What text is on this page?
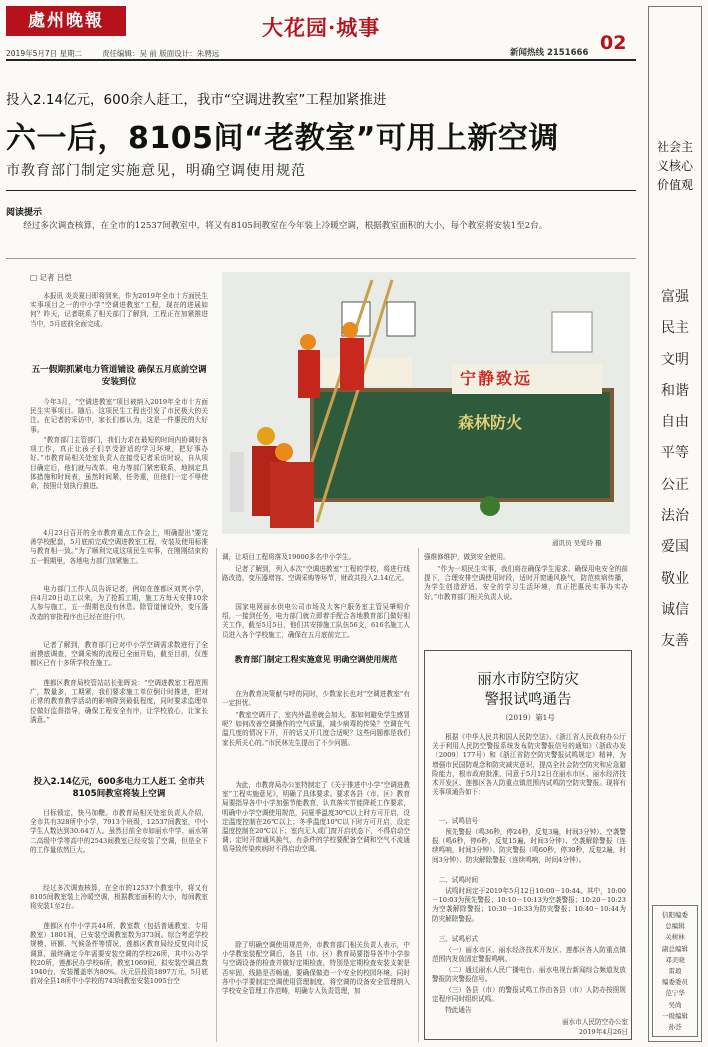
處州晚報	大花园·城事
02
2019年5月7日 星期二	责任编辑：吴 前 版面设计：朱骋远	新闻热线 2151666
投入2.14亿元，600余人赶工，我市“空调进教室”工程加紧推进
六一后，8105间“老教室”可用上新空调
市教育部门制定实施意见，明确空调使用规范
阅读提示
经过多次调查核算，在全市的12537间教室中，将又有8105间教室在今年装上冷暖空调，根据教室面积的大小，每个教室将安装1至2台。
□ 记者 吕恺
本报讯 炎炎夏日即将到来，作为2019年全市十方面民生实事项目之一的中小学“空调进教室”工程，现在的进展如何？昨天，记者联系了相关部门了解到，工程正在加紧推进当中，5月底前全面完成。
五一假期抓紧电力管道铺设 确保五月底前空调安装到位
今年3月，“空调进教室”项目被纳入2019年全市十方面民生实事项目。随后，这项民生工程也引发了市民极大的关注。在记者的采访中，家长们都认为，这是一件惠民的大好事。
“教育部门主管部门，我们力求在最短的时间内协调好各项工作，真正让孩子们享受舒适的学习环境，把好事办好。”市教育局相关处室负责人在接受记者采访时说，自从项目确定后，他们就与改革、电力等部门紧密联系，地制定具体措施和时间表，虽然时间紧，任务重，但他们一定不辱使命，按照计划执行推进。
4月23日召开的全市教育重点工作会上，明确提出“要完善学校配套，5月底前完成空调进教室工程，安装及使用标准与教育相一致。”为了顺利完成这项民生实事，在刚刚结束的五一假期里，各地电力部门加紧施工。
电力部门工作人员告诉记者，例如在莲都区刘英小学，自4月20日动工以来，为了抢抓工期，施工方每天安排10余人参与施工，五一假期也没有休息。除管道铺设外，变压器改造的审批程序也已经在进行中。
记者了解到，教育部门已对中小学空调需求数进行了全面摸底调查，空调采购的流程已全面开始，截至目前，仅莲都区已有十多所学校在施工。
莲都区教育局校管站站长张晖说：“空调进教室工程范围广，数量多，工期紧，我们要求施工单位倒计时推进，把对正常的教育教学活动的影响降到最低程度，同时要求监理单位做好监督指导，确保工程安全有序，让学校放心，让家长满意。”
投入2.14亿元，600多电力工人赶工 全市共8105间教室将装上空调
目标锁定，快马加鞭。市教育局相关处室负责人介绍，全市共有328所中小学，7913个班级，12537间教室，中小学生人数达到30.64万人。虽然目前全市如丽水中学、丽水第二高级中学等高中的2543间教室已经安装了空调，但是全下的工作量依然巨大。
经过多次调查核算，在全市的12537个教室中，将又有8105间教室装上冷暖空调，根据教室面积的大小，每间教室将安装1至2台。
莲都区有中小学共44所，教室数（包括普通教室、专用教室）1801间，已安装空调教室数为373间。综合考虑学校规模、班额、气候条件等情况，莲都区教育局经反复向计反调算，最终确定今年需要安装空调的学校26所，其中公办学校20所，莲都民办学校6所，教室1069间，拟安装空调总数1940台，安装覆盖率为80%。庆元县投资1897万元，5月底前对全县18所中小学校的743间教室安装1095台空
宁静致远
森林防火
通讯员 吴爱玲 摄
调，让项目工程将落及19000多名中小学生。
记者了解到，列入本次“空调进教室”工程的学校，将进行线路改造、变压器增容、空调采购等环节，财政共投入2.14亿元。
国家电网丽水供电公司市场及大客户服务室主管吴肇明介绍，一接到任务，电力部门就立即着手配合各地教育部门做好相关工作，截至5月5日，他们共安排施工队伍56支，616名施工人员进入各个学校施工，确保在五月底前完工。
教育部门制定工程实施意见 明确空调使用规范
在为教育决策献与呼的同时，少数家长也对“空调进教室”有一定担忧。
“教室空调开了，室内外温差就会加大，那如何避免学生感冒呢？如何改善空调操作的空气质量，减少病毒的传染？空调在气温几度的情况下开，开的话又开几度合适呢？这些问题都是我们家长所关心的。”市民林先生提出了不少问题。
为此，市教育局办公室特制定了《关于推进中小学“空调进教室”工程实施意见》，明确了具体要求。要求各县（市、区）教育局要指导各中小学加强节能教育，认真落实节能降耗工作要求，明确中小学空调使用规范，同夏季温度30℃以上时方可开启，设定温度控制在26℃以上；冬季温度10℃以下时方可开启，设定温度控制在20℃以下；室内无人或门窗开启状态下，不得启动空调；定时开窗通风换气，有条件的学校要配备空调和空气不流通易导致传染疾病时不得启动空调。
除了明确空调使用规范外，市教育部门相关负责人表示，中小学教室装配空调后，各县（市、区）教育局要指导各中小学参与空调设备的检查并做好定期检查，特别是定期检查安装支架是否牢固，线路是否畅通，要确保做造一个安全的校园环境。同时各中小学要制定空调使用管理制度，将空调的设备安全管理纳入学校安全管理工作范畴，明确专人负责管理，加
强维修维护，做到安全使用。
“作为一项民生实事，我们将在确保学生需求、确保用电安全的前提下，合理安排空调使用时段，适时开窗通风换气，防范疾病传播，为学生创造舒适、安全的学习生活环境，真正把惠民实事办实办好。”市教育部门相关负责人说。
丽水市防空防灾
警报试鸣通告
（2019）第1号
根据《中华人民共和国人民防空法》、《浙江省人民政府办公厅关于利用人民防空警报系统发布防灾警报信号的通知》（浙政办发〔2009〕177号）和《浙江省防空防灾警报试鸣规定》精神，为增强市民国防观念和防灾减灾意识，提高全社会防空防灾和应急避险能力，根市政府批准，同意于5月12日在丽水市区、丽水经济技术开发区、莲都区各人防重点镇范围内试鸣防空防灾警报。现将有关事项通告如下：
一、试鸣信号
预先警报（鸣36秒，停24秒，反复3遍，时间3分钟）、空袭警报（鸣6秒，停6秒，反复15遍，时间3分钟）、空袭解除警报（连续鸣响，时间3分钟）、防灾警报（鸣60秒，停30秒，反复2遍，时间3分钟）、防灾解除警报（连续鸣响，时间4分钟）。
二、试鸣时间
试鸣时间定于2019年5月12日10:00－10:44。其中，10:00－10:03为预先警报；10:10－10:13为空袭警报；10:20－10:23为空袭解除警报；10:30－10:33为防灾警报；10:40－10:44为防灾解除警报。
三、试鸣形式
（一）丽水市区、丽水经济技术开发区、莲都区各人防重点镇范围内发放固定警报鸣响。
（二）通过丽水人民广播电台、丽水电视台新闻综合频道发放警报防灾警报信号。
（三）各县（市）的警报试鸣工作由各县（市）人防办按照规定程序同时组织试鸣。
特此通告
丽水市人民防空办公室
2019年4月26日
社会主义核心价值观
富强
民主
文明
和谐
自由
平等
公正
法治
爱国
敬业
诚信
友善
信阳编委
总编辑
关树林
副总编辑
邓美晓
雷琅
编委委员
范宁华
吴尚
一级编辑
孙荟
